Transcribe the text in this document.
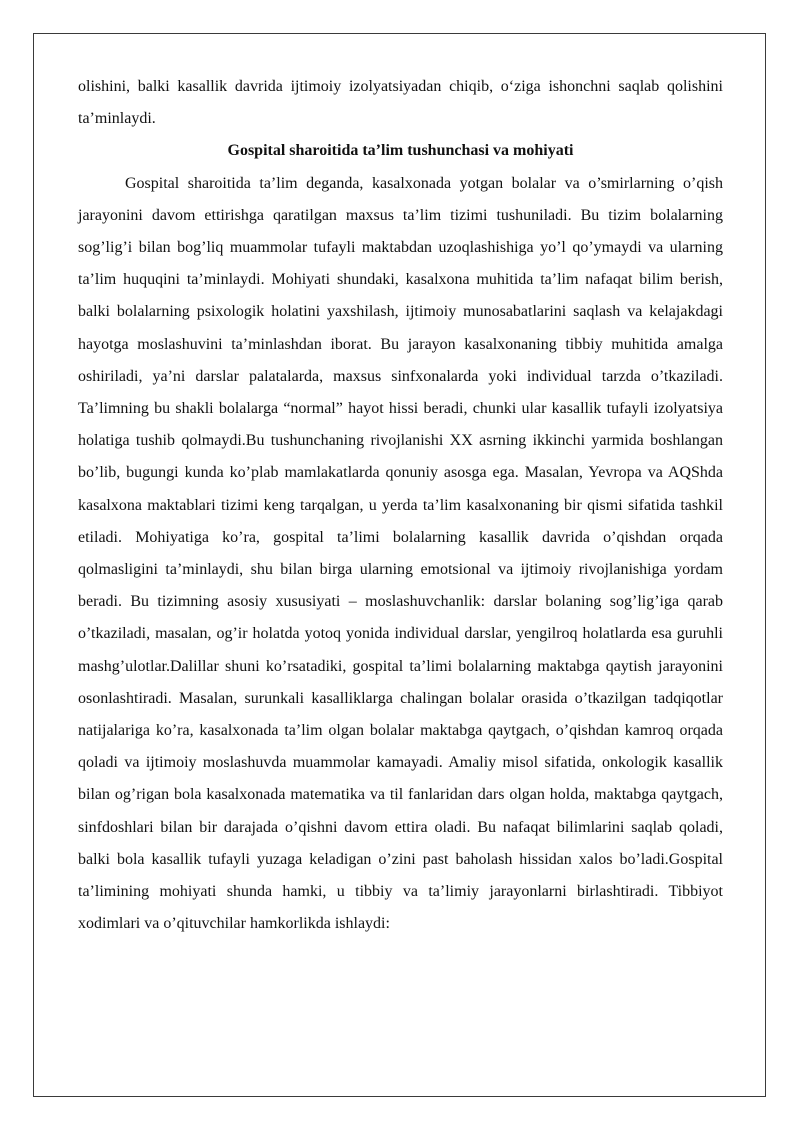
olishini, balki kasallik davrida ijtimoiy izolyatsiyadan chiqib, o‘ziga ishonchni saqlab qolishini ta’minlaydi.

Gospital sharoitida ta’lim tushunchasi va mohiyati

Gospital sharoitida ta’lim deganda, kasalxonada yotgan bolalar va o’smirlarning o’qish jarayonini davom ettirishga qaratilgan maxsus ta’lim tizimi tushuniladi. Bu tizim bolalarning sog’lig’i bilan bog’liq muammolar tufayli maktabdan uzoqlashishiga yo’l qo’ymaydi va ularning ta’lim huquqini ta’minlaydi. Mohiyati shundaki, kasalxona muhitida ta’lim nafaqat bilim berish, balki bolalarning psixologik holatini yaxshilash, ijtimoiy munosabatlarini saqlash va kelajakdagi hayotga moslashuvini ta’minlashdan iborat. Bu jarayon kasalxonaning tibbiy muhitida amalga oshiriladi, ya’ni darslar palatalarda, maxsus sinfxonalarda yoki individual tarzda o’tkaziladi. Ta’limning bu shakli bolalarga “normal” hayot hissi beradi, chunki ular kasallik tufayli izolyatsiya holatiga tushib qolmaydi.Bu tushunchaning rivojlanishi XX asrning ikkinchi yarmida boshlangan bo’lib, bugungi kunda ko’plab mamlakatlarda qonuniy asosga ega. Masalan, Yevropa va AQShda kasalxona maktablari tizimi keng tarqalgan, u yerda ta’lim kasalxonaning bir qismi sifatida tashkil etiladi. Mohiyatiga ko’ra, gospital ta’limi bolalarning kasallik davrida o’qishdan orqada qolmasligini ta’minlaydi, shu bilan birga ularning emotsional va ijtimoiy rivojlanishiga yordam beradi. Bu tizimning asosiy xususiyati – moslashuvchanlik: darslar bolaning sog’lig’iga qarab o’tkaziladi, masalan, og’ir holatda yotoq yonida individual darslar, yengilroq holatlarda esa guruhli mashg’ulotlar.Dalillar shuni ko’rsatadiki, gospital ta’limi bolalarning maktabga qaytish jarayonini osonlashtiradi. Masalan, surunkali kasalliklarga chalingan bolalar orasida o’tkazilgan tadqiqotlar natijalariga ko’ra, kasalxonada ta’lim olgan bolalar maktabga qaytgach, o’qishdan kamroq orqada qoladi va ijtimoiy moslashuvda muammolar kamayadi. Amaliy misol sifatida, onkologik kasallik bilan og’rigan bola kasalxonada matematika va til fanlaridan dars olgan holda, maktabga qaytgach, sinfdoshlari bilan bir darajada o’qishni davom ettira oladi. Bu nafaqat bilimlarini saqlab qoladi, balki bola kasallik tufayli yuzaga keladigan o’zini past baholash hissidan xalos bo’ladi.Gospital ta’limining mohiyati shunda hamki, u tibbiy va ta’limiy jarayonlarni birlashtiradi. Tibbiyot xodimlari va o’qituvchilar hamkorlikda ishlaydi:
